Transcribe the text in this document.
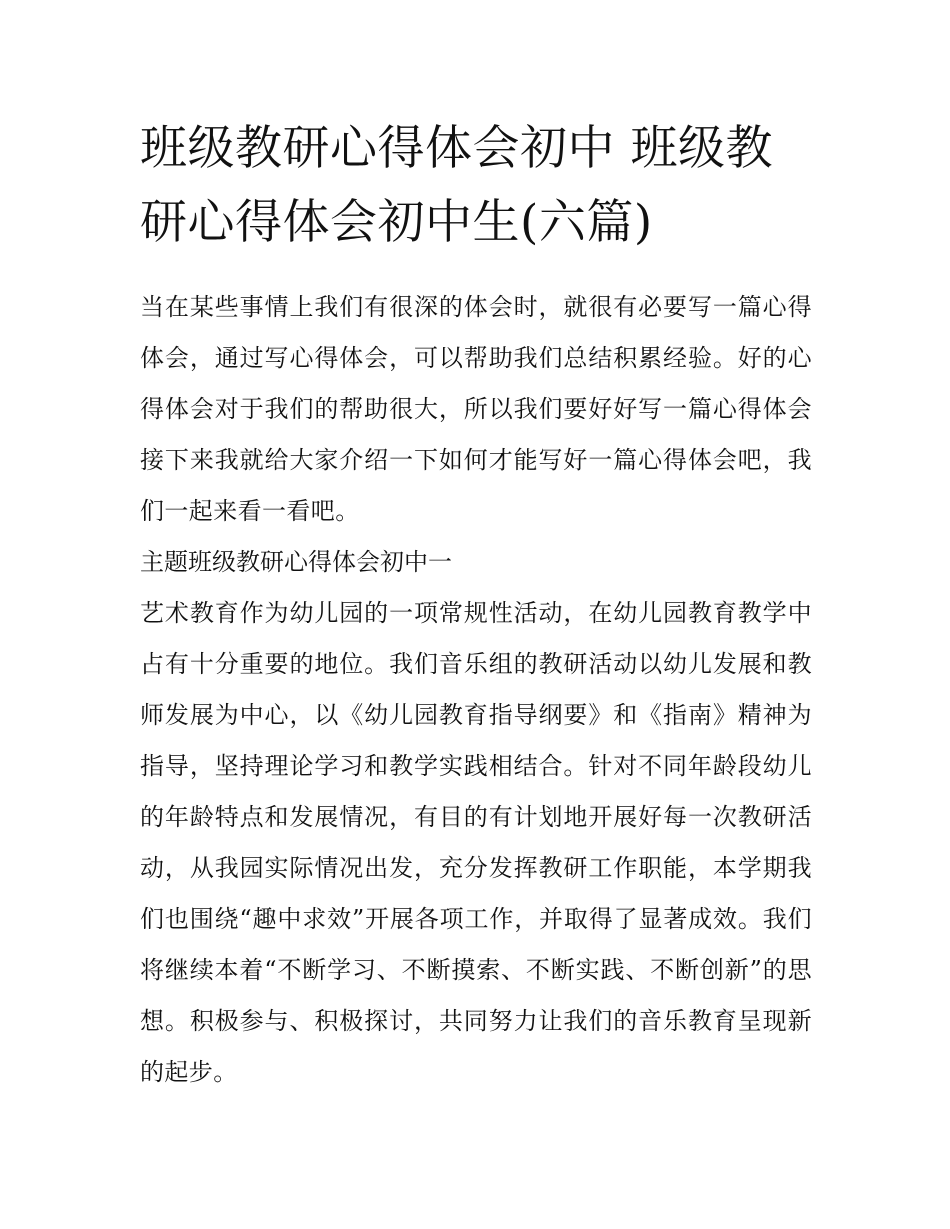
班级教研心得体会初中 班级教研心得体会初中生(六篇)

当在某些事情上我们有很深的体会时，就很有必要写一篇心得体会，通过写心得体会，可以帮助我们总结积累经验。好的心得体会对于我们的帮助很大，所以我们要好好写一篇心得体会接下来我就给大家介绍一下如何才能写好一篇心得体会吧，我们一起来看一看吧。

主题班级教研心得体会初中一

艺术教育作为幼儿园的一项常规性活动，在幼儿园教育教学中占有十分重要的地位。我们音乐组的教研活动以幼儿发展和教师发展为中心，以《幼儿园教育指导纲要》和《指南》精神为指导，坚持理论学习和教学实践相结合。针对不同年龄段幼儿的年龄特点和发展情况，有目的有计划地开展好每一次教研活动，从我园实际情况出发，充分发挥教研工作职能，本学期我们也围绕“趣中求效”开展各项工作，并取得了显著成效。我们将继续本着“不断学习、不断摸索、不断实践、不断创新”的思想。积极参与、积极探讨，共同努力让我们的音乐教育呈现新的起步。
